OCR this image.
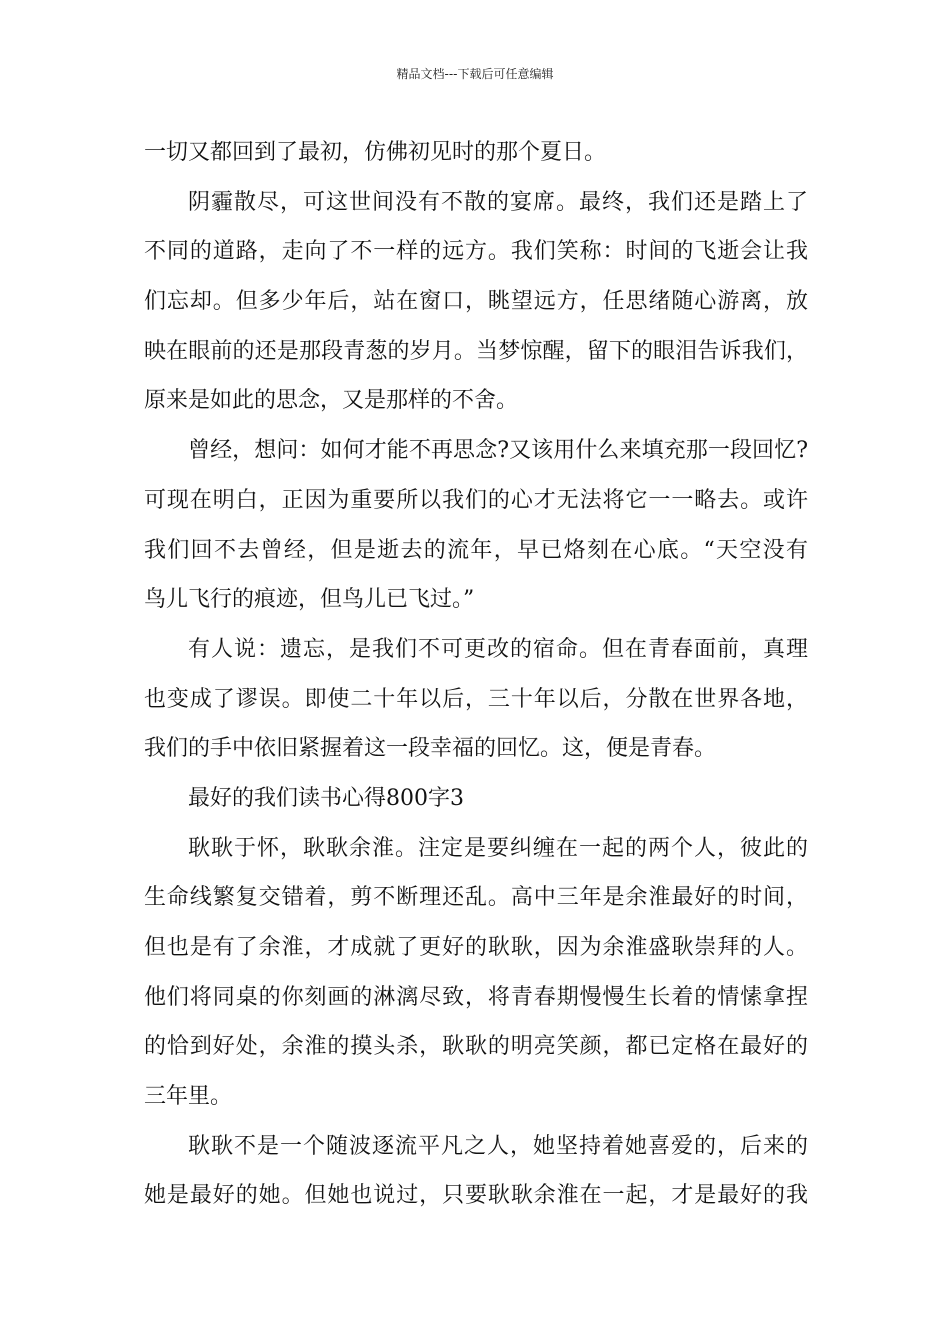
精品文档---下载后可任意编辑
一切又都回到了最初，仿佛初见时的那个夏日。
阴霾散尽，可这世间没有不散的宴席。最终，我们还是踏上了
不同的道路，走向了不一样的远方。我们笑称：时间的飞逝会让我
们忘却。但多少年后，站在窗口，眺望远方，任思绪随心游离，放
映在眼前的还是那段青葱的岁月。当梦惊醒，留下的眼泪告诉我们，
原来是如此的思念，又是那样的不舍。
曾经，想问：如何才能不再思念?又该用什么来填充那一段回忆?
可现在明白，正因为重要所以我们的心才无法将它一一略去。或许
我们回不去曾经，但是逝去的流年，早已烙刻在心底。“天空没有
鸟儿飞行的痕迹，但鸟儿已飞过。”
有人说：遗忘，是我们不可更改的宿命。但在青春面前，真理
也变成了谬误。即使二十年以后，三十年以后，分散在世界各地，
我们的手中依旧紧握着这一段幸福的回忆。这，便是青春。
最好的我们读书心得800字3
耿耿于怀，耿耿余淮。注定是要纠缠在一起的两个人，彼此的
生命线繁复交错着，剪不断理还乱。高中三年是余淮最好的时间，
但也是有了余淮，才成就了更好的耿耿，因为余淮盛耿崇拜的人。
他们将同桌的你刻画的淋漓尽致，将青春期慢慢生长着的情愫拿捏
的恰到好处，余淮的摸头杀，耿耿的明亮笑颜，都已定格在最好的
三年里。
耿耿不是一个随波逐流平凡之人，她坚持着她喜爱的，后来的
她是最好的她。但她也说过，只要耿耿余淮在一起，才是最好的我
